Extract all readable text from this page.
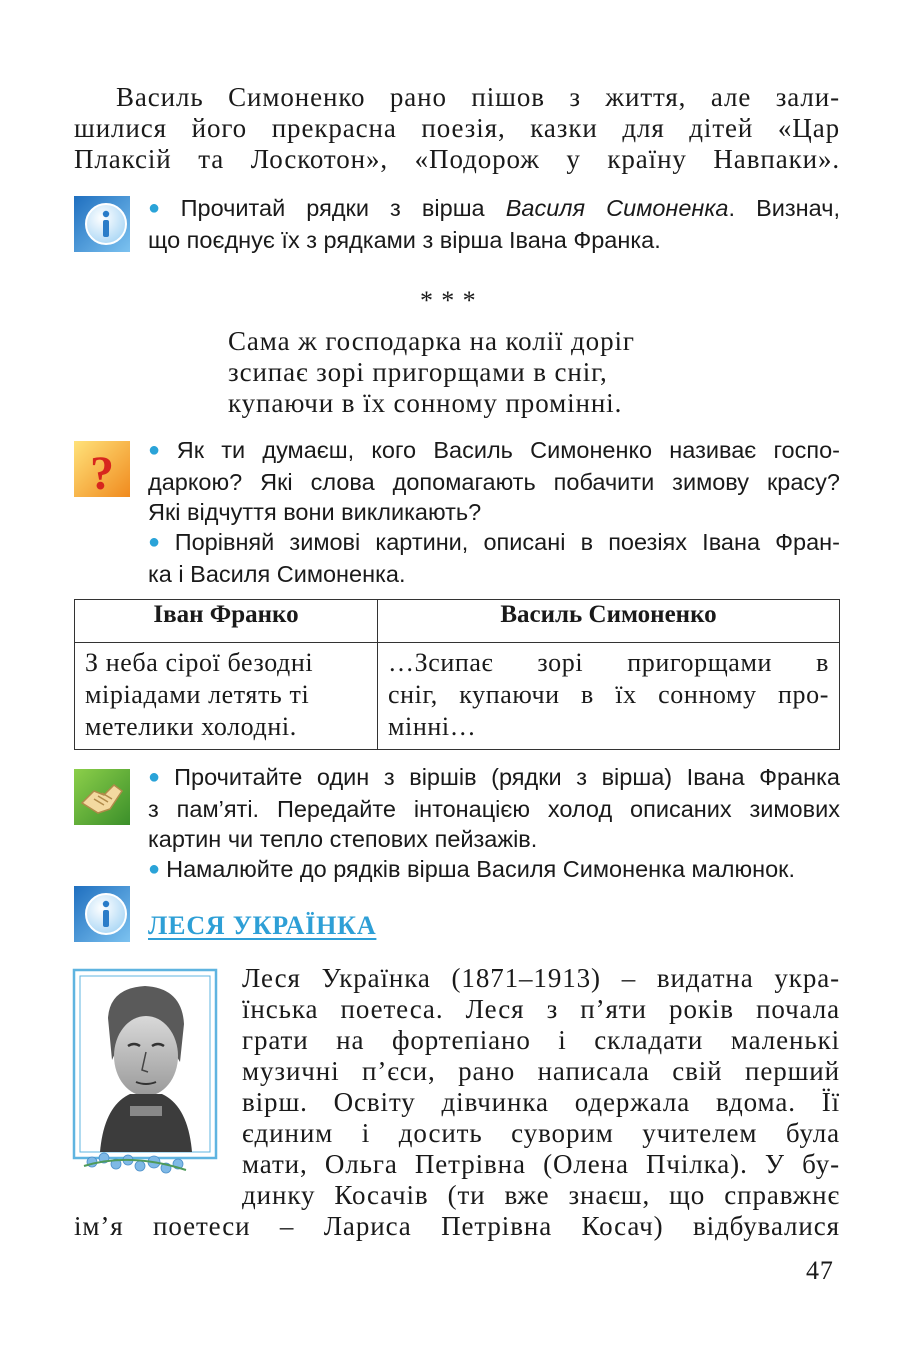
Василь Симоненко рано пішов з життя, але зали-
шилися його прекрасна поезія, казки для дітей «Цар
Плаксій та Лоскотон», «Подорож у країну Навпаки».
● Прочитай рядки з вірша Василя Симоненка. Визнач,
що поєднує їх з рядками з вірша Івана Франка.
* * *
Сама ж господарка на колії доріг
зсипає зорі пригорщами в сніг,
купаючи в їх сонному промінні.
? ● Як ти думаєш, кого Василь Симоненко називає госпо-
даркою? Які слова допомагають побачити зимову красу?
Які відчуття вони викликають?
● Порівняй зимові картини, описані в поезіях Івана Фран-
ка і Василя Симоненка.
Іван Франко	Василь Симоненко

З неба сірої безодні
міріадами летять ті
метелики холодні.	…Зсипає зорі пригорщами в
сніг, купаючи в їх сонному про-
мінні…
● Прочитайте один з віршів (рядки з вірша) Івана Франка
з пам’яті. Передайте інтонацією холод описаних зимових
картин чи тепло степових пейзажів.
● Намалюйте до рядків вірша Василя Симоненка малюнок.
ЛЕСЯ УКРАЇНКА
Леся Українка (1871–1913) – видатна укра-
їнська поетеса. Леся з п’яти років почала
грати на фортепіано і складати маленькі
музичні п’єси, рано написала свій перший
вірш. Освіту дівчинка одержала вдома. Її
єдиним і досить суворим учителем була
мати, Ольга Петрівна (Олена Пчілка). У бу-
динку Косачів (ти вже знаєш, що справжнє
ім’я поетеси – Лариса Петрівна Косач) відбувалися
47
